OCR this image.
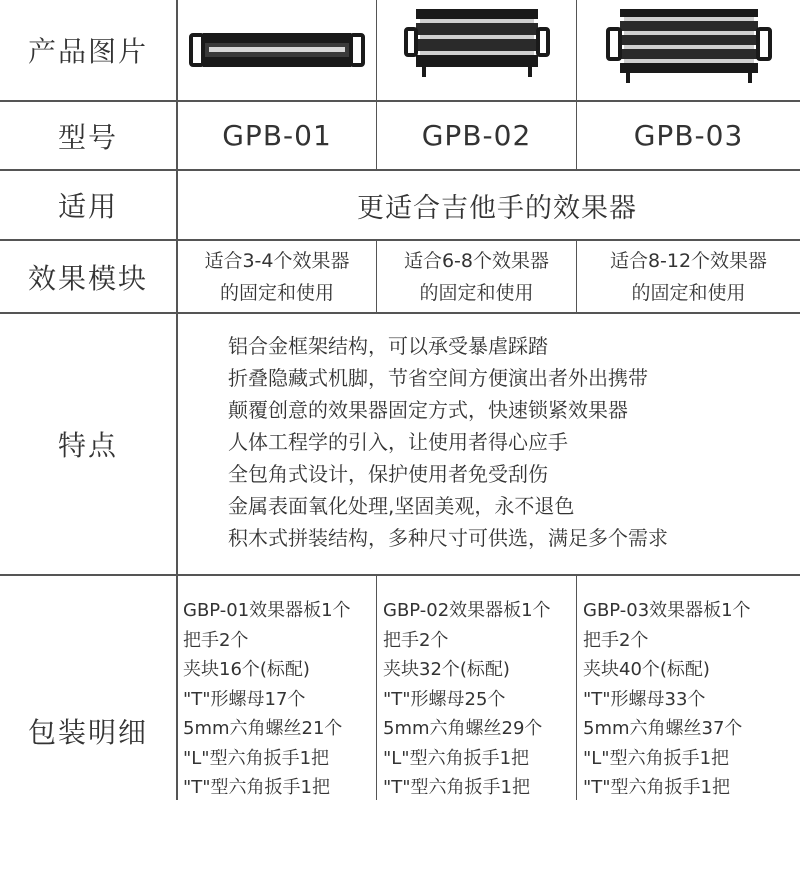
产品图片
型号
适用
效果模块
特点
包装明细
GPB-01	GPB-02	GPB-03
更适合吉他手的效果器
适合3-4个效果器
的固定和使用
适合6-8个效果器
的固定和使用
适合8-12个效果器
的固定和使用
铝合金框架结构，可以承受暴虐踩踏
折叠隐藏式机脚，节省空间方便演出者外出携带
颠覆创意的效果器固定方式，快速锁紧效果器
人体工程学的引入，让使用者得心应手
全包角式设计，保护使用者免受刮伤
金属表面氧化处理,坚固美观，永不退色
积木式拼装结构，多种尺寸可供选，满足多个需求
GBP-01效果器板1个
把手2个
夹块16个(标配)
"T"形螺母17个
5mm六角螺丝21个
"L"型六角扳手1把
"T"型六角扳手1把
GBP-02效果器板1个
把手2个
夹块32个(标配)
"T"形螺母25个
5mm六角螺丝29个
"L"型六角扳手1把
"T"型六角扳手1把
GBP-03效果器板1个
把手2个
夹块40个(标配)
"T"形螺母33个
5mm六角螺丝37个
"L"型六角扳手1把
"T"型六角扳手1把
